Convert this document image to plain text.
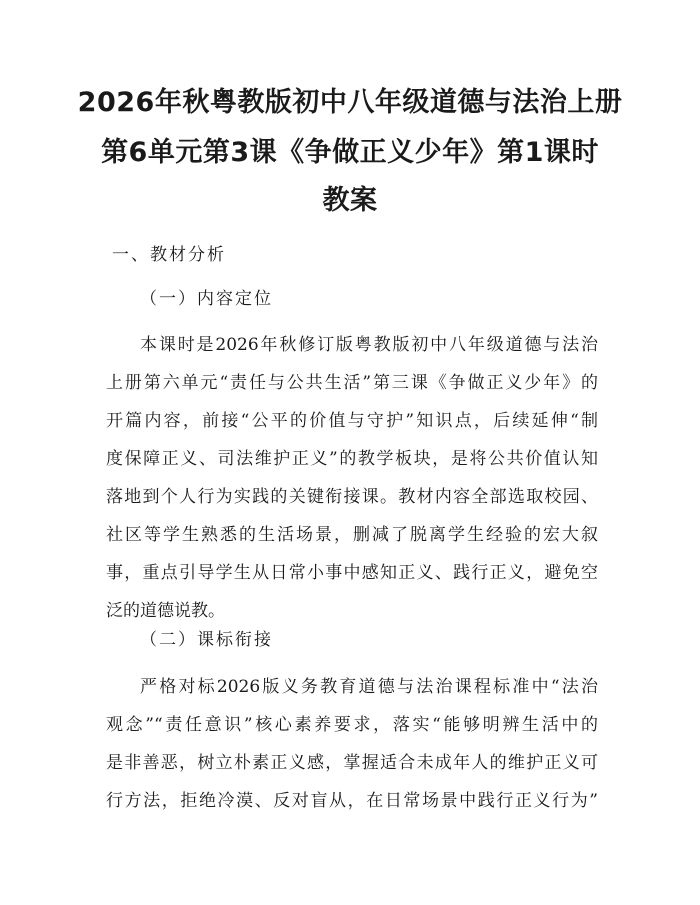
2026年秋粤教版初中八年级道德与法治上册
第6单元第3课《争做正义少年》第1课时
教案
一、教材分析
（一）内容定位
本课时是2026年秋修订版粤教版初中八年级道德与法治
上册第六单元“责任与公共生活”第三课《争做正义少年》的
开篇内容，前接“公平的价值与守护”知识点，后续延伸“制
度保障正义、司法维护正义”的教学板块，是将公共价值认知
落地到个人行为实践的关键衔接课。教材内容全部选取校园、
社区等学生熟悉的生活场景，删减了脱离学生经验的宏大叙
事，重点引导学生从日常小事中感知正义、践行正义，避免空
泛的道德说教。
（二）课标衔接
严格对标2026版义务教育道德与法治课程标准中“法治
观念”“责任意识”核心素养要求，落实“能够明辨生活中的
是非善恶，树立朴素正义感，掌握适合未成年人的维护正义可
行方法，拒绝冷漠、反对盲从，在日常场景中践行正义行为”
